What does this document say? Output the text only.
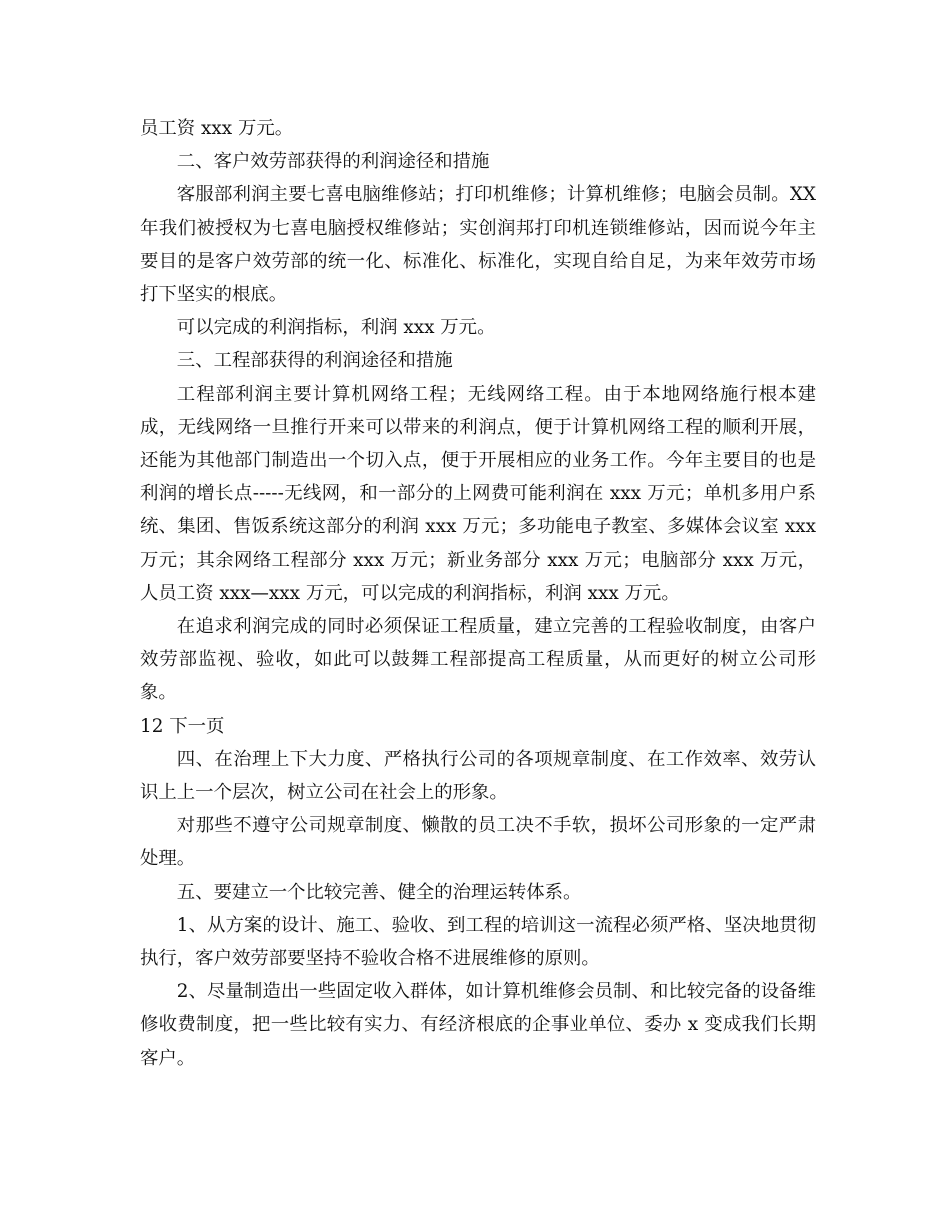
员工资 xxx 万元。

二、客户效劳部获得的利润途径和措施

客服部利润主要七喜电脑维修站；打印机维修；计算机维修；电脑会员制。XX 年我们被授权为七喜电脑授权维修站；实创润邦打印机连锁维修站，因而说今年主要目的是客户效劳部的统一化、标准化、标准化，实现自给自足，为来年效劳市场打下坚实的根底。

可以完成的利润指标，利润 xxx 万元。

三、工程部获得的利润途径和措施

工程部利润主要计算机网络工程；无线网络工程。由于本地网络施行根本建成，无线网络一旦推行开来可以带来的利润点，便于计算机网络工程的顺利开展，还能为其他部门制造出一个切入点，便于开展相应的业务工作。今年主要目的也是利润的增长点-----无线网，和一部分的上网费可能利润在 xxx 万元；单机多用户系统、集团、售饭系统这部分的利润 xxx 万元；多功能电子教室、多媒体会议室 xxx 万元；其余网络工程部分 xxx 万元；新业务部分 xxx 万元；电脑部分 xxx 万元，人员工资 xxx—xxx 万元，可以完成的利润指标，利润 xxx 万元。

在追求利润完成的同时必须保证工程质量，建立完善的工程验收制度，由客户效劳部监视、验收，如此可以鼓舞工程部提高工程质量，从而更好的树立公司形象。

12 下一页

四、在治理上下大力度、严格执行公司的各项规章制度、在工作效率、效劳认识上上一个层次，树立公司在社会上的形象。

对那些不遵守公司规章制度、懒散的员工决不手软，损坏公司形象的一定严肃处理。

五、要建立一个比较完善、健全的治理运转体系。

1、从方案的设计、施工、验收、到工程的培训这一流程必须严格、坚决地贯彻执行，客户效劳部要坚持不验收合格不进展维修的原则。

2、尽量制造出一些固定收入群体，如计算机维修会员制、和比较完备的设备维修收费制度，把一些比较有实力、有经济根底的企事业单位、委办 x 变成我们长期客户。
